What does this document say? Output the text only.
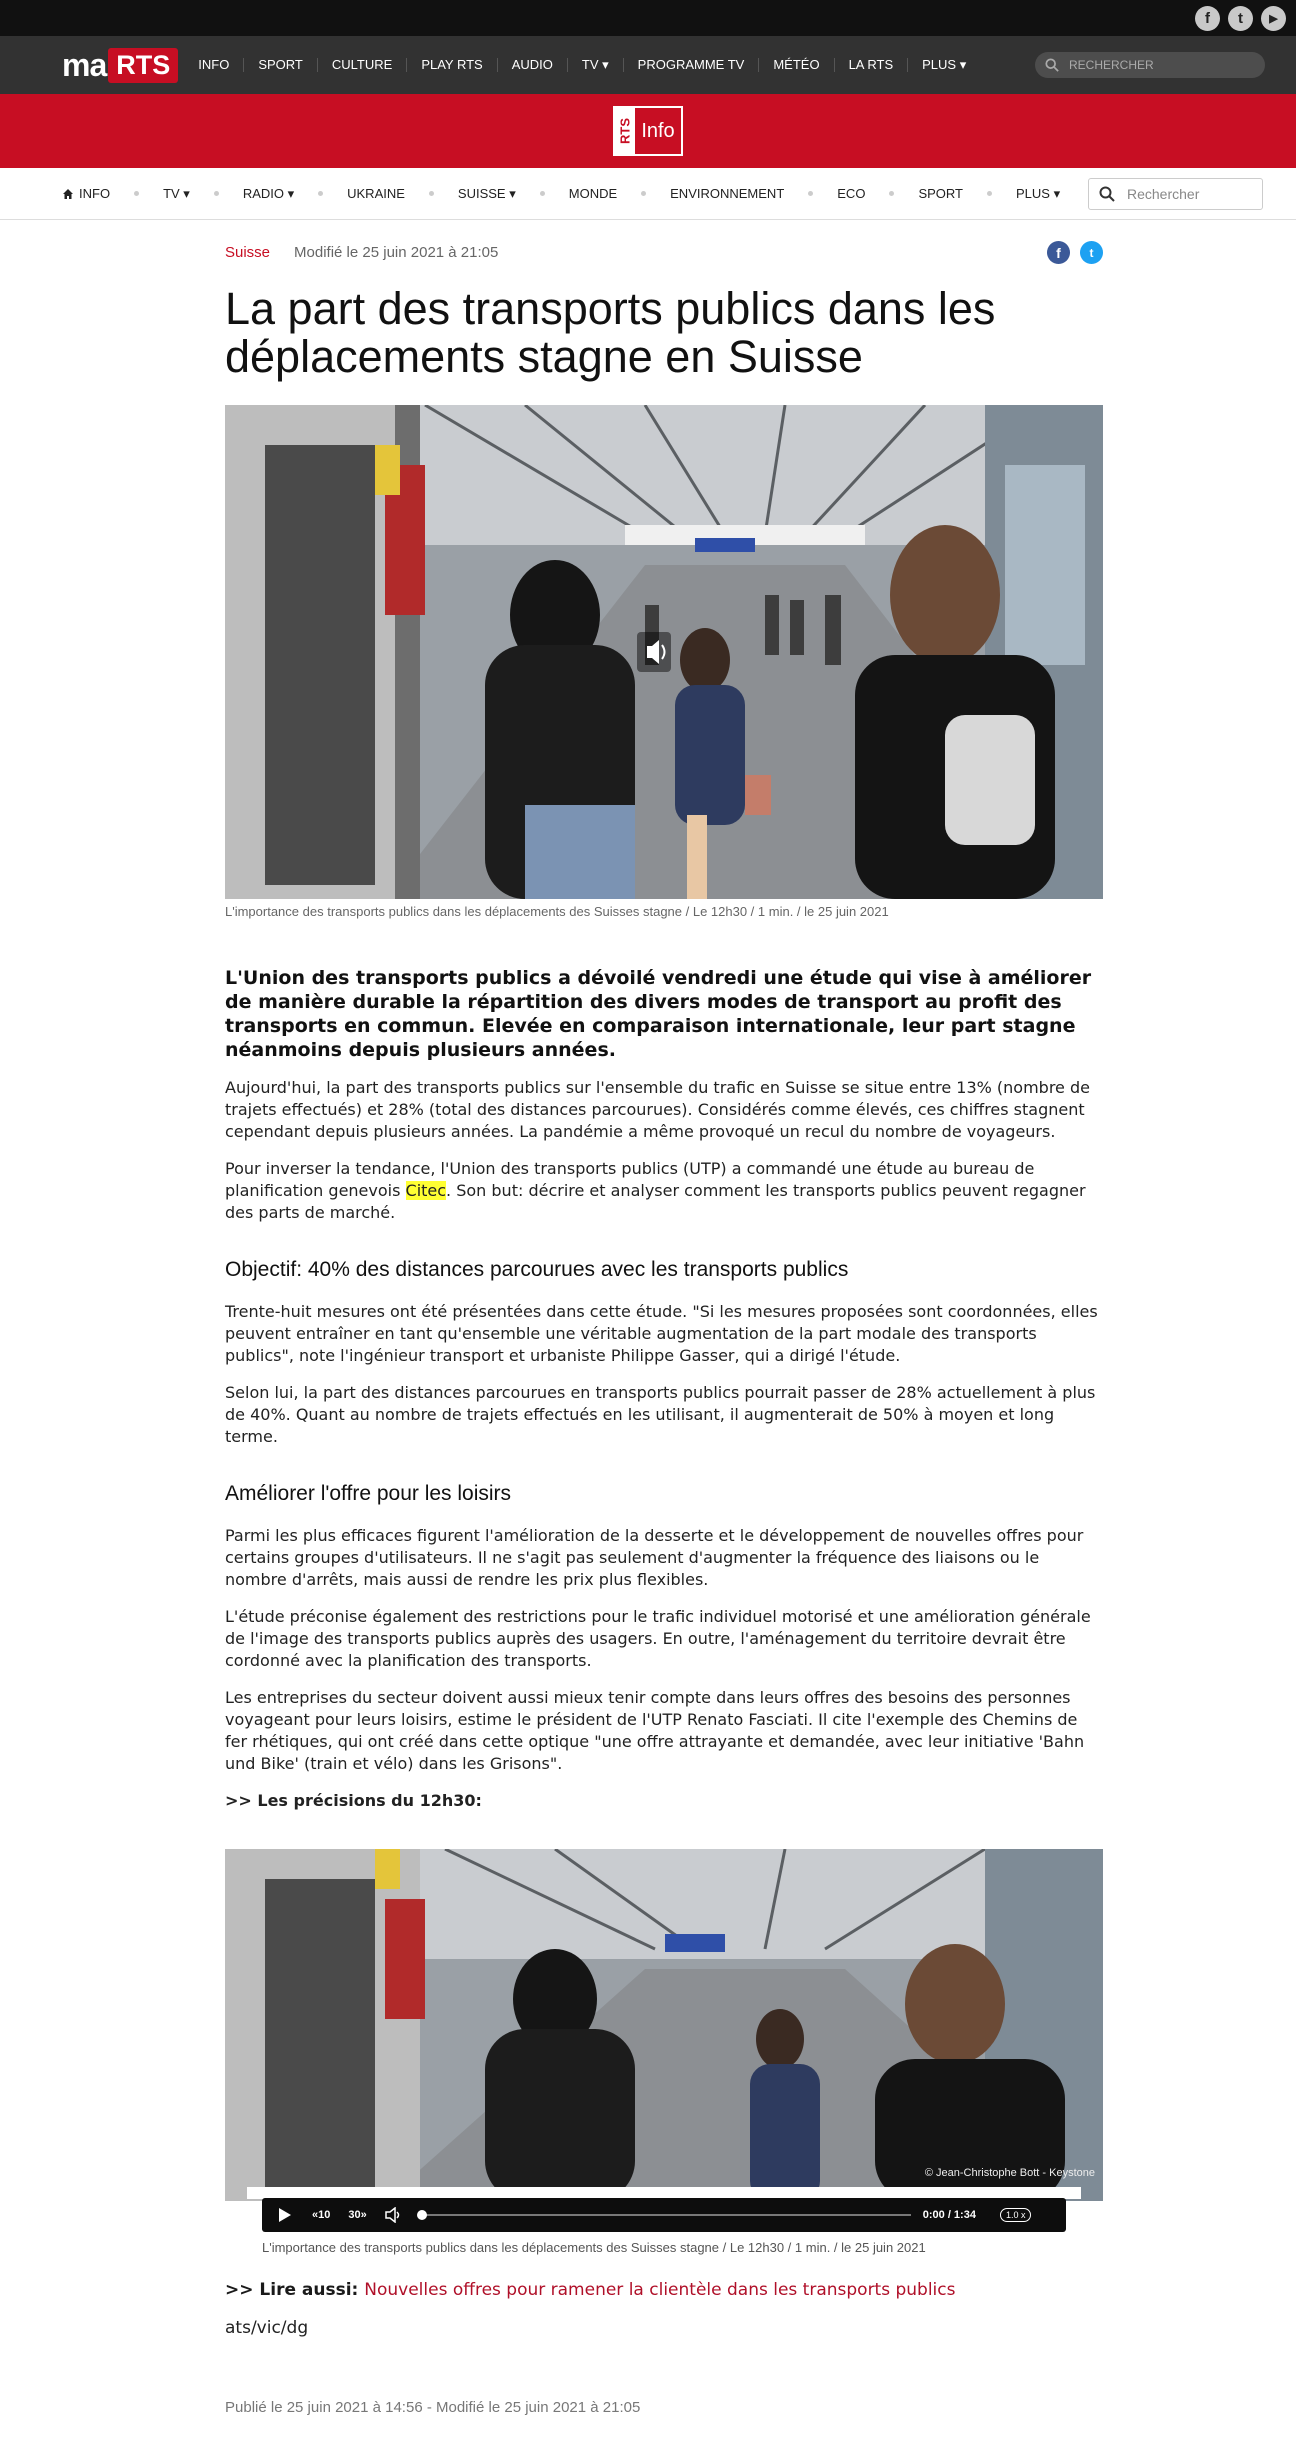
f	t	▶
ma RTS	INFO	SPORT	CULTURE	PLAY RTS	AUDIO	TV ▾	PROGRAMME TV	MÉTÉO	LA RTS	PLUS ▾	RECHERCHER
RTS Info
INFO	TV ▾	RADIO ▾	UKRAINE	SUISSE ▾	MONDE	ENVIRONNEMENT	ECO	SPORT	PLUS ▾	Rechercher
Suisse Modifié le 25 juin 2021 à 21:05	f	t
La part des transports publics dans les déplacements stagne en Suisse
L'importance des transports publics dans les déplacements des Suisses stagne / Le 12h30 / 1 min. / le 25 juin 2021

L'Union des transports publics a dévoilé vendredi une étude qui vise à améliorer de manière durable la répartition des divers modes de transport au profit des transports en commun. Elevée en comparaison internationale, leur part stagne néanmoins depuis plusieurs années.

Aujourd'hui, la part des transports publics sur l'ensemble du trafic en Suisse se situe entre 13% (nombre de trajets effectués) et 28% (total des distances parcourues). Considérés comme élevés, ces chiffres stagnent cependant depuis plusieurs années. La pandémie a même provoqué un recul du nombre de voyageurs.

Pour inverser la tendance, l'Union des transports publics (UTP) a commandé une étude au bureau de planification genevois Citec. Son but: décrire et analyser comment les transports publics peuvent regagner des parts de marché.

Objectif: 40% des distances parcourues avec les transports publics

Trente-huit mesures ont été présentées dans cette étude. "Si les mesures proposées sont coordonnées, elles peuvent entraîner en tant qu'ensemble une véritable augmentation de la part modale des transports publics", note l'ingénieur transport et urbaniste Philippe Gasser, qui a dirigé l'étude.

Selon lui, la part des distances parcourues en transports publics pourrait passer de 28% actuellement à plus de 40%. Quant au nombre de trajets effectués en les utilisant, il augmenterait de 50% à moyen et long terme.

Améliorer l'offre pour les loisirs

Parmi les plus efficaces figurent l'amélioration de la desserte et le développement de nouvelles offres pour certains groupes d'utilisateurs. Il ne s'agit pas seulement d'augmenter la fréquence des liaisons ou le nombre d'arrêts, mais aussi de rendre les prix plus flexibles.

L'étude préconise également des restrictions pour le trafic individuel motorisé et une amélioration générale de l'image des transports publics auprès des usagers. En outre, l'aménagement du territoire devrait être cordonné avec la planification des transports.

Les entreprises du secteur doivent aussi mieux tenir compte dans leurs offres des besoins des personnes voyageant pour leurs loisirs, estime le président de l'UTP Renato Fasciati. Il cite l'exemple des Chemins de fer rhétiques, qui ont créé dans cette optique "une offre attrayante et demandée, avec leur initiative 'Bahn und Bike' (train et vélo) dans les Grisons".

>> Les précisions du 12h30:

© Jean-Christophe Bott - Keystone
«10 30»	0:00 / 1:34	1.0 x
L'importance des transports publics dans les déplacements des Suisses stagne / Le 12h30 / 1 min. / le 25 juin 2021
>> Lire aussi: Nouvelles offres pour ramener la clientèle dans les transports publics
ats/vic/dg
Publié le 25 juin 2021 à 14:56 - Modifié le 25 juin 2021 à 21:05
